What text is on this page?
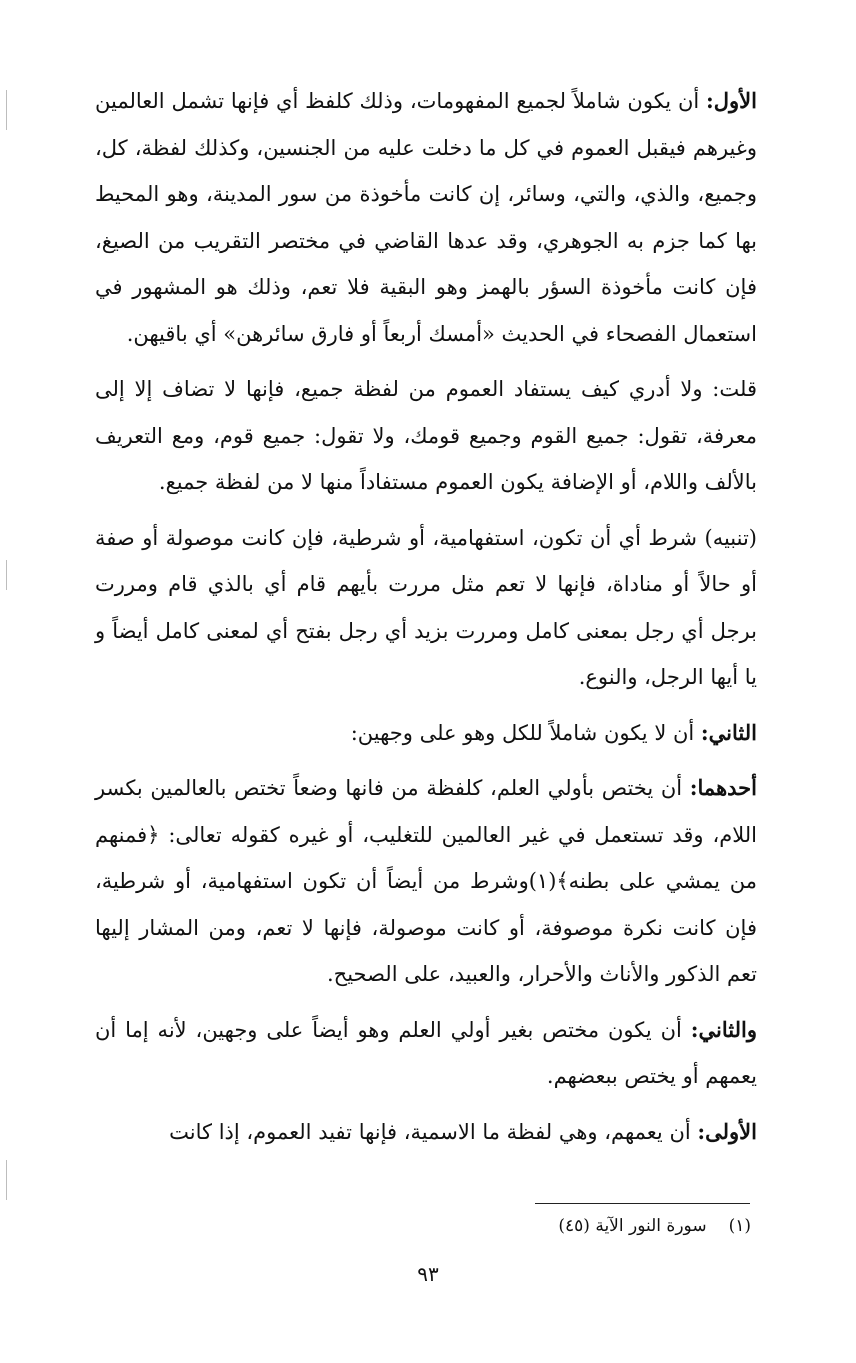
الأول: أن يكون شاملاً لجميع المفهومات، وذلك كلفظ أي فإنها تشمل العالمين وغيرهم فيقبل العموم في كل ما دخلت عليه من الجنسين، وكذلك لفظة، كل، وجميع، والذي، والتي، وسائر، إن كانت مأخوذة من سور المدينة، وهو المحيط بها كما جزم به الجوهري، وقد عدها القاضي في مختصر التقريب من الصيغ، فإن كانت مأخوذة السؤر بالهمز وهو البقية فلا تعم، وذلك هو المشهور في استعمال الفصحاء في الحديث «أمسك أربعاً أو فارق سائرهن» أي باقيهن.

قلت: ولا أدري كيف يستفاد العموم من لفظة جميع، فإنها لا تضاف إلا إلى معرفة، تقول: جميع القوم وجميع قومك، ولا تقول: جميع قوم، ومع التعريف بالألف واللام، أو الإضافة يكون العموم مستفاداً منها لا من لفظة جميع.

(تنبيه) شرط أي أن تكون، استفهامية، أو شرطية، فإن كانت موصولة أو صفة أو حالاً أو مناداة، فإنها لا تعم مثل مررت بأيهم قام أي بالذي قام ومررت برجل أي رجل بمعنى كامل ومررت بزيد أي رجل بفتح أي لمعنى كامل أيضاً و يا أيها الرجل، والنوع.

الثاني: أن لا يكون شاملاً للكل وهو على وجهين:

أحدهما: أن يختص بأولي العلم، كلفظة من فانها وضعاً تختص بالعالمين بكسر اللام، وقد تستعمل في غير العالمين للتغليب، أو غيره كقوله تعالى: ﴿فمنهم من يمشي على بطنه﴾(١)وشرط من أيضاً أن تكون استفهامية، أو شرطية، فإن كانت نكرة موصوفة، أو كانت موصولة، فإنها لا تعم، ومن المشار إليها تعم الذكور والأناث والأحرار، والعبيد، على الصحيح.

والثاني: أن يكون مختص بغير أولي العلم وهو أيضاً على وجهين، لأنه إما أن يعمهم أو يختص ببعضهم.

الأولى: أن يعمهم، وهي لفظة ما الاسمية، فإنها تفيد العموم، إذا كانت

(١)سورة النور الآية (٤٥)
٩٣
